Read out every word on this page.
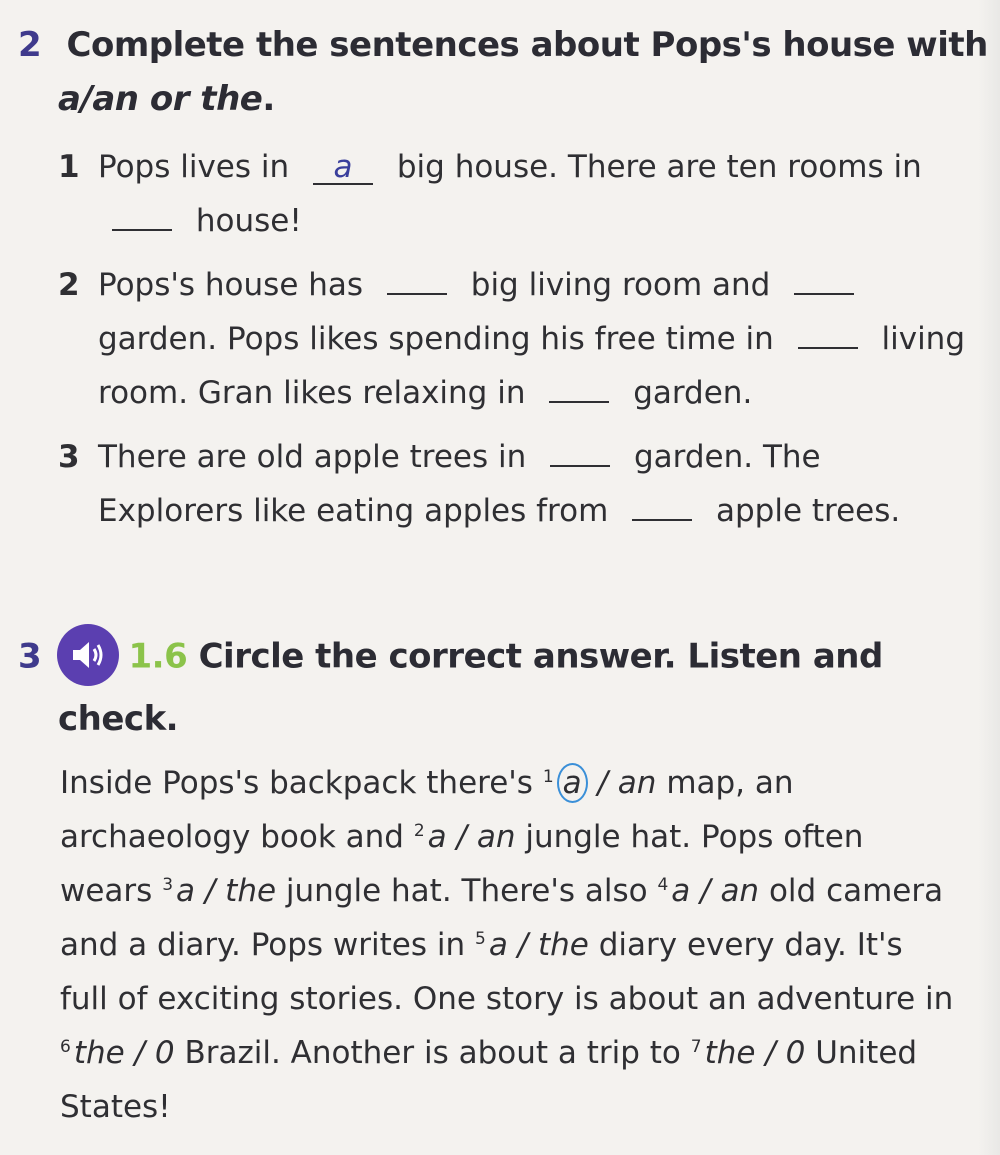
2 Complete the sentences about Pops's house with
a/an or the.
1 Pops lives in a big house. There are ten rooms in  house!
2 Pops's house has	big living room and  garden. Pops likes spending his free time in	living room. Gran likes relaxing in	garden.
3 There are old apple trees in	garden. The Explorers like eating apples from	apple trees.
3	1.6 Circle the correct answer. Listen and
check.
Inside Pops's backpack there's $^1$ a / an map, an archaeology book and $^2$a / an jungle hat. Pops often wears $^3$a / the jungle hat. There's also $^4$a / an old camera and a diary. Pops writes in $^5$a / the diary every day. It's full of exciting stories. One story is about an adventure in $^6$the / 0 Brazil. Another is about a trip to $^7$the / 0 United States!
